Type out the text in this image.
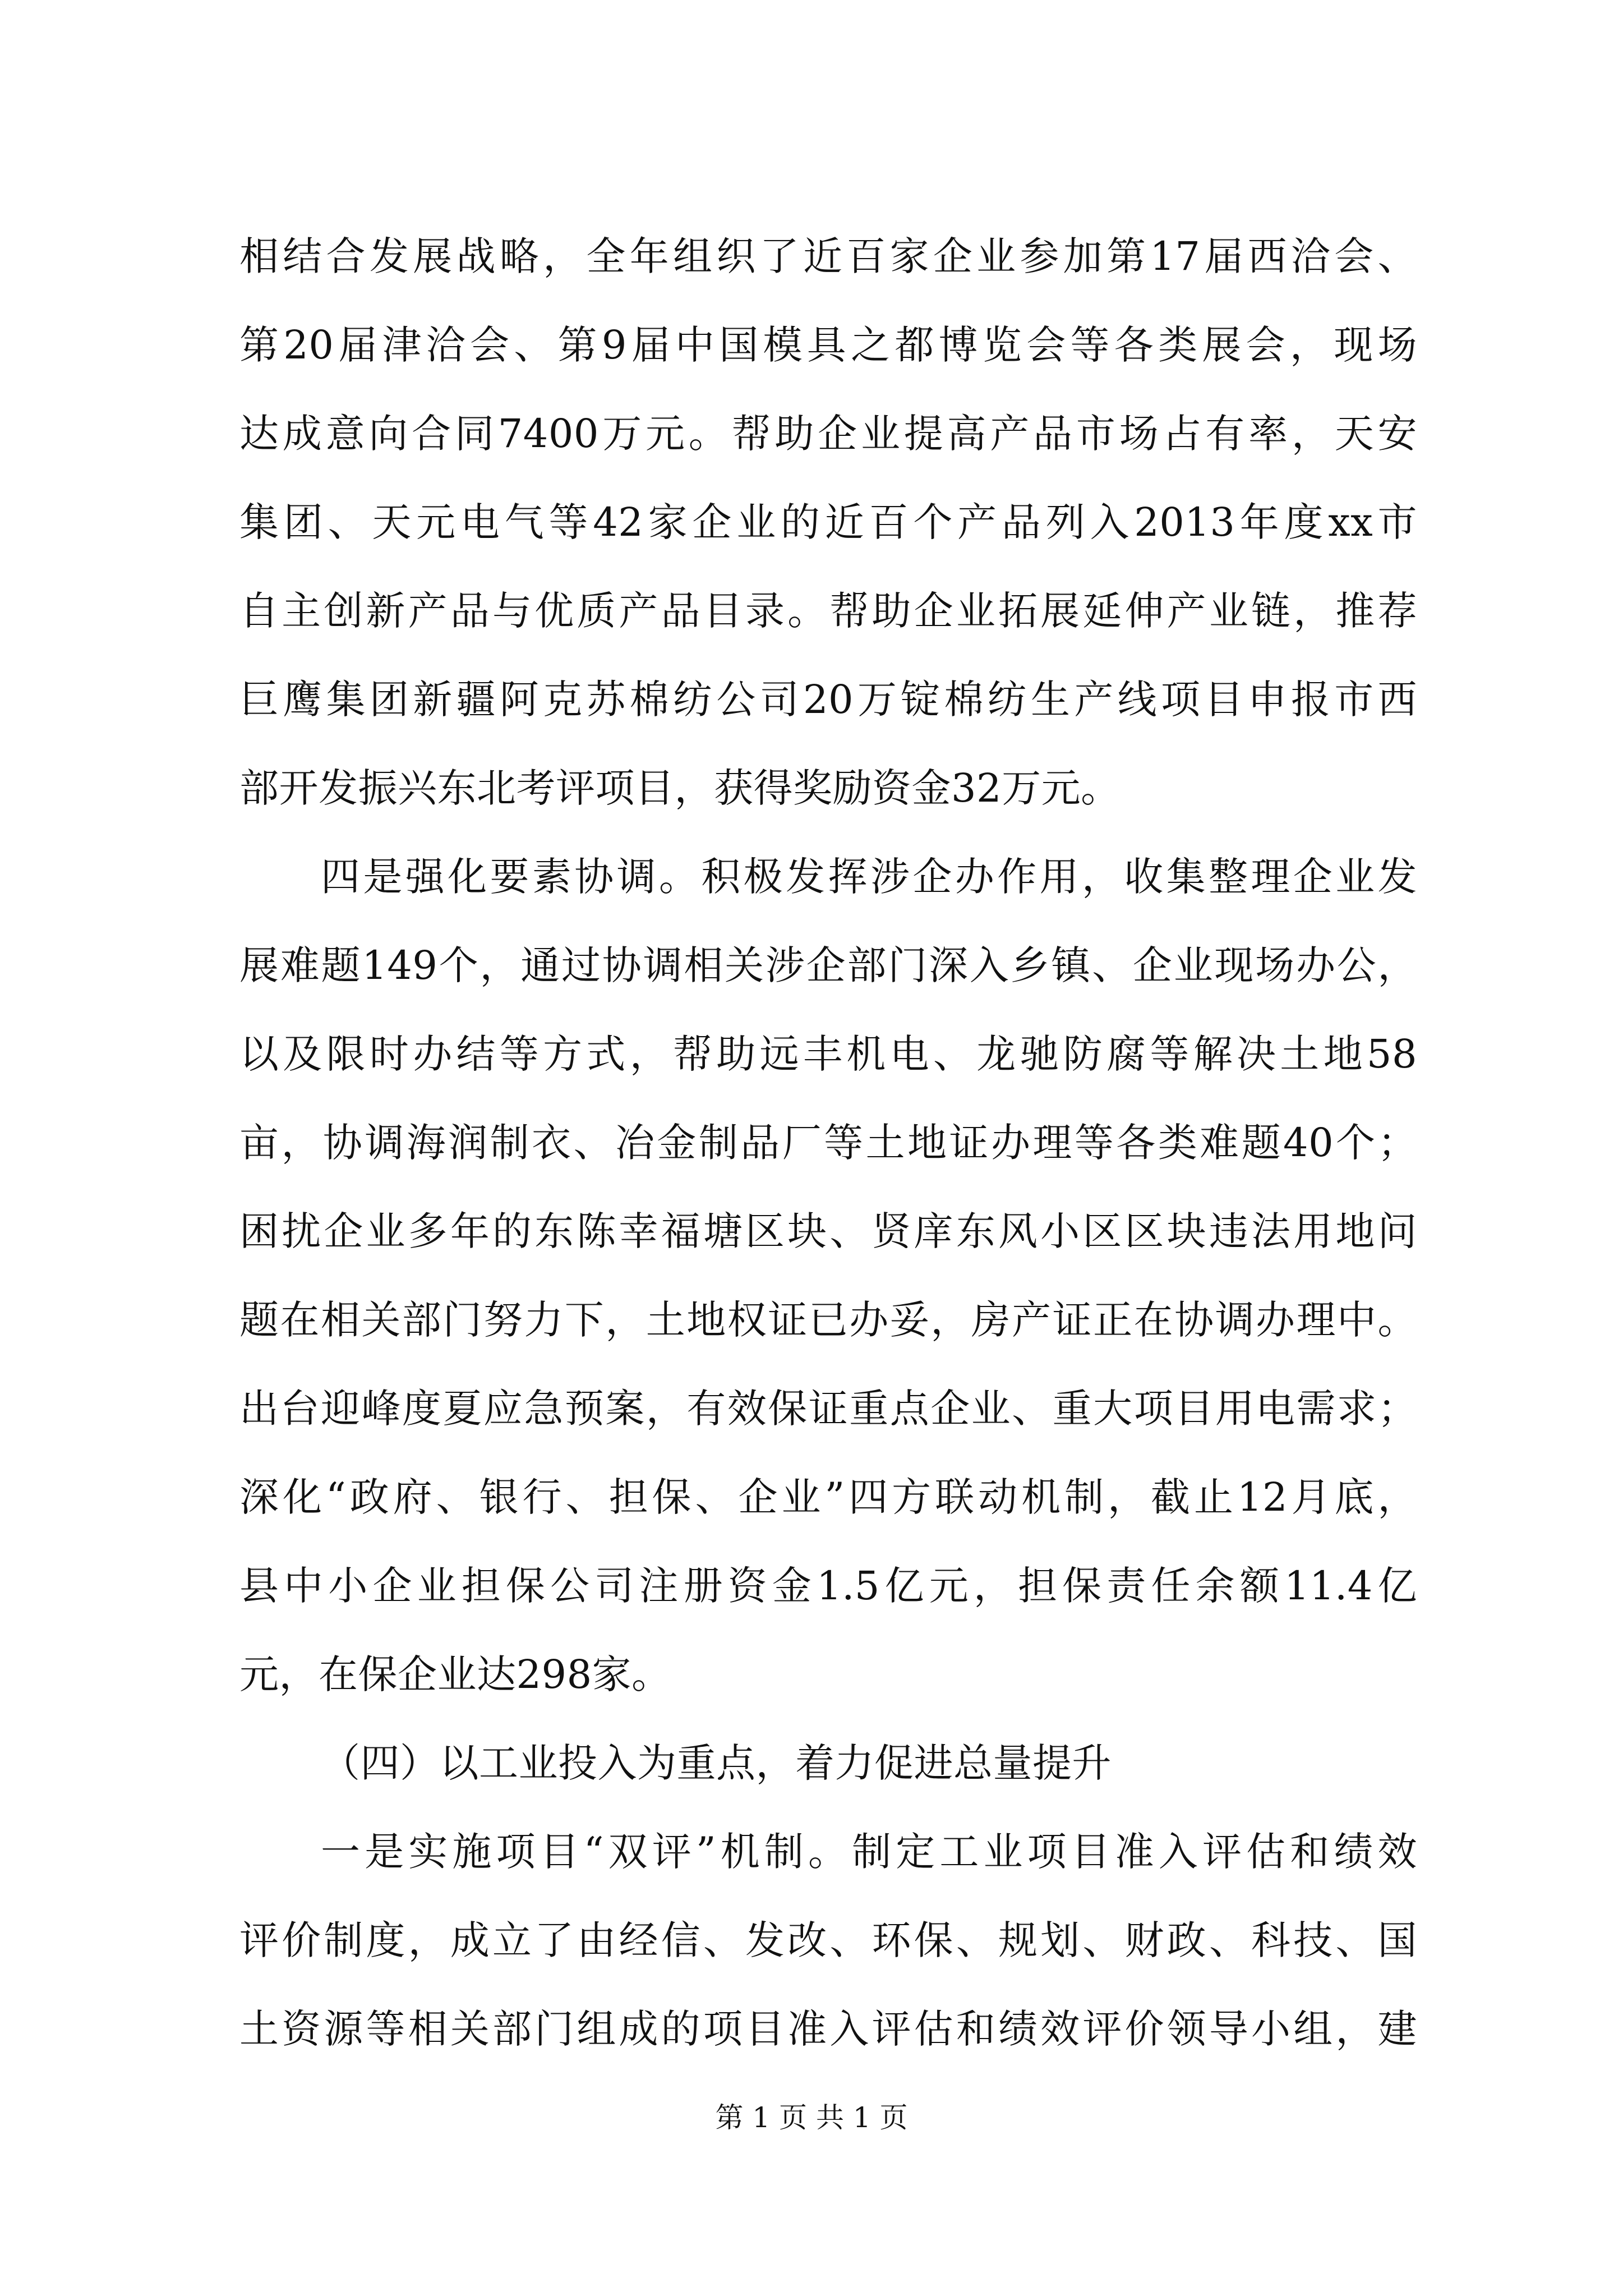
相结合发展战略，全年组织了近百家企业参加第17届西洽会、
第20届津洽会、第9届中国模具之都博览会等各类展会，现场
达成意向合同7400万元。帮助企业提高产品市场占有率，天安
集团、天元电气等42家企业的近百个产品列入2013年度xx市
自主创新产品与优质产品目录。帮助企业拓展延伸产业链，推荐
巨鹰集团新疆阿克苏棉纺公司20万锭棉纺生产线项目申报市西
部开发振兴东北考评项目，获得奖励资金32万元。
四是强化要素协调。积极发挥涉企办作用，收集整理企业发
展难题149个，通过协调相关涉企部门深入乡镇、企业现场办公，
以及限时办结等方式，帮助远丰机电、龙驰防腐等解决土地58
亩，协调海润制衣、冶金制品厂等土地证办理等各类难题40个；
困扰企业多年的东陈幸福塘区块、贤庠东风小区区块违法用地问
题在相关部门努力下，土地权证已办妥，房产证正在协调办理中。
出台迎峰度夏应急预案，有效保证重点企业、重大项目用电需求；
深化“政府、银行、担保、企业”四方联动机制，截止12月底，
县中小企业担保公司注册资金1.5亿元，担保责任余额11.4亿
元，在保企业达298家。
（四）以工业投入为重点，着力促进总量提升
一是实施项目“双评”机制。制定工业项目准入评估和绩效
评价制度，成立了由经信、发改、环保、规划、财政、科技、国
土资源等相关部门组成的项目准入评估和绩效评价领导小组，建
第 1 页 共 1 页
